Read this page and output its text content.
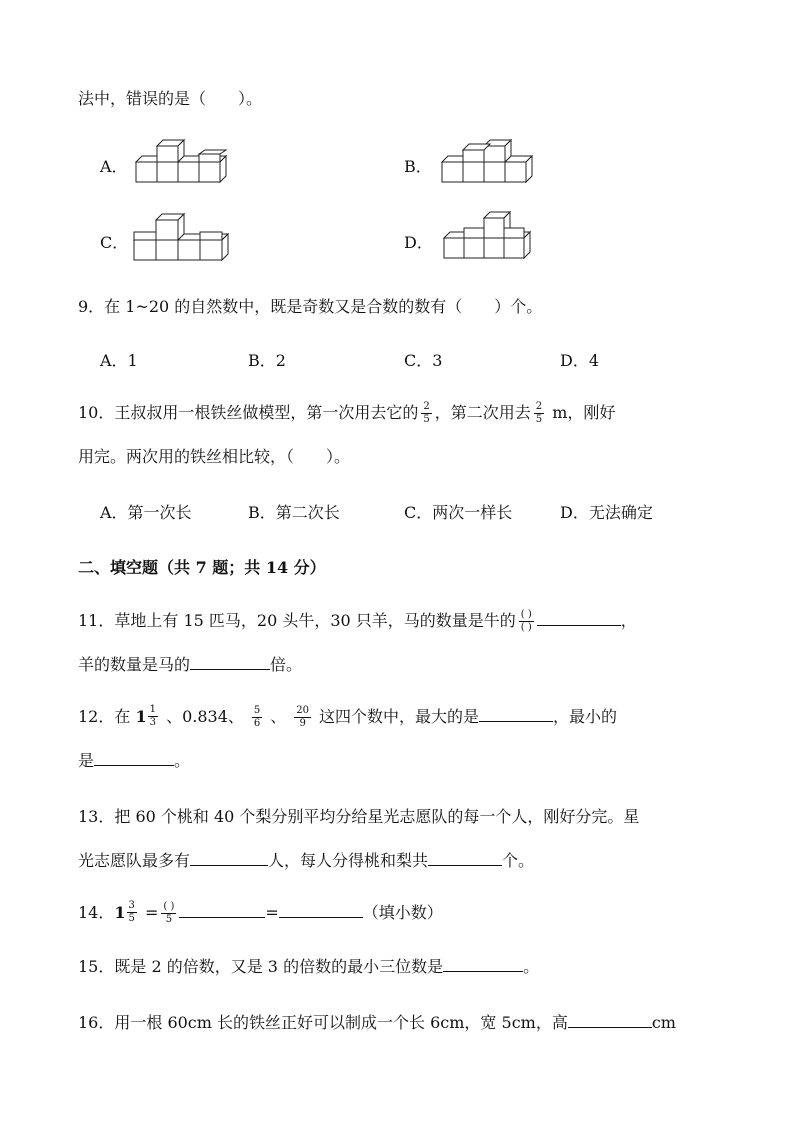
法中，错误的是（　　）。
A．	B．
C．	D．
9．在 1~20 的自然数中，既是奇数又是合数的数有（　　）个。
A．1	B．2	C．3	D．4
10．王叔叔用一根铁丝做模型，第一次用去它的 $\frac{2}{5}$ ，第二次用去 $\frac{2}{5}$ m，刚好
用完。两次用的铁丝相比较，（　　）。
A．第一次长	B．第二次长	C．两次一样长	D．无法确定
二、填空题（共 7 题；共 14 分）
11．草地上有 15 匹马，20 头牛，30 只羊，马的数量是牛的 $\frac{( )}{( )}$	，
羊的数量是马的	倍。
12．在 $1 \frac{1}{3}$ 、0.834、 $\frac{5}{6}$ 、 $\frac{20}{9}$ 这四个数中，最大的是	，最小的
是	。
13．把 60 个桃和 40 个梨分别平均分给星光志愿队的每一个人，刚好分完。星
光志愿队最多有	人，每人分得桃和梨共	个。
14． $1 \frac{3}{5} = \frac{( )}{5}$	=	（填小数）
15．既是 2 的倍数，又是 3 的倍数的最小三位数是	。
16．用一根 60cm 长的铁丝正好可以制成一个长 6cm，宽 5cm，高	cm
